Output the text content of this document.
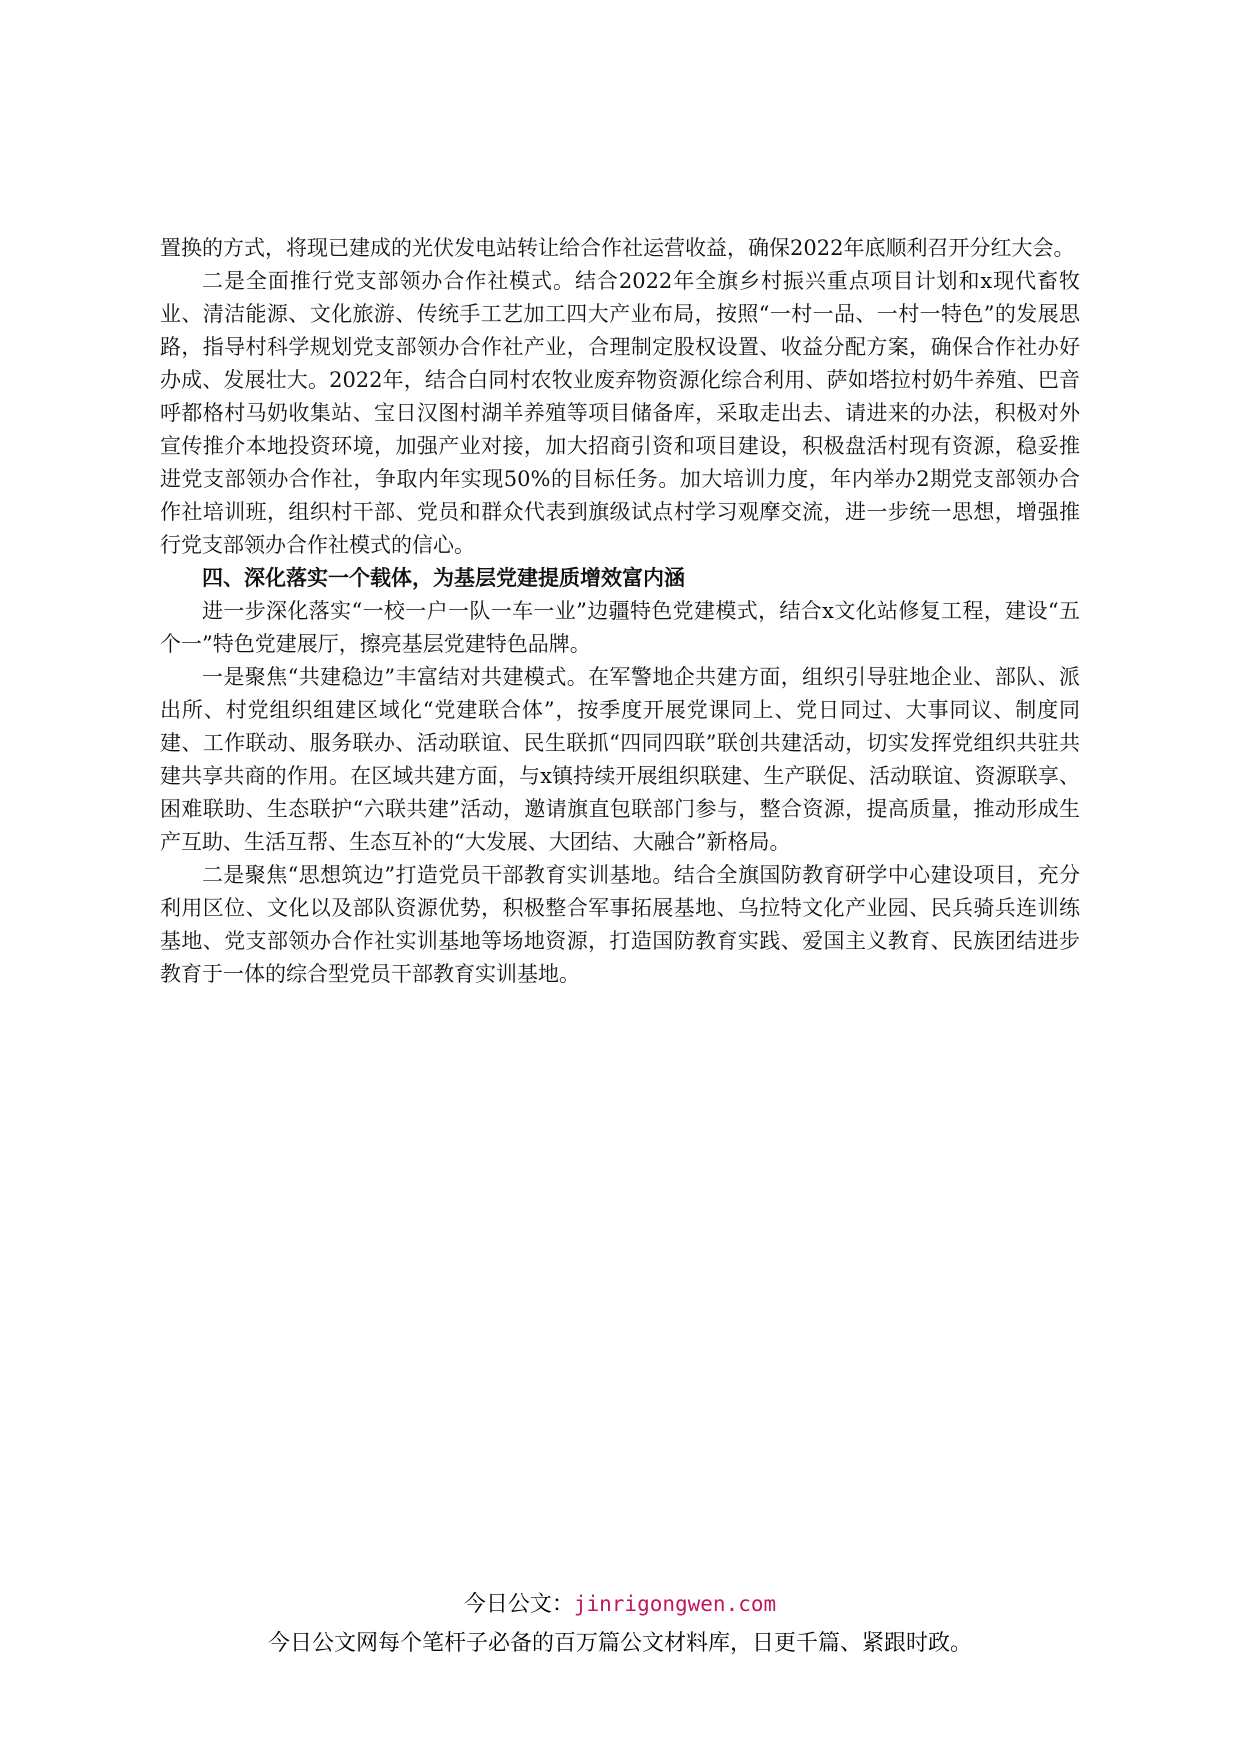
置换的方式，将现已建成的光伏发电站转让给合作社运营收益，确保2022年底顺利召开分红大会。

二是全面推行党支部领办合作社模式。结合2022年全旗乡村振兴重点项目计划和x现代畜牧业、清洁能源、文化旅游、传统手工艺加工四大产业布局，按照“一村一品、一村一特色”的发展思路，指导村科学规划党支部领办合作社产业，合理制定股权设置、收益分配方案，确保合作社办好办成、发展壮大。2022年，结合白同村农牧业废弃物资源化综合利用、萨如塔拉村奶牛养殖、巴音呼都格村马奶收集站、宝日汉图村湖羊养殖等项目储备库，采取走出去、请进来的办法，积极对外宣传推介本地投资环境，加强产业对接，加大招商引资和项目建设，积极盘活村现有资源，稳妥推进党支部领办合作社，争取内年实现50%的目标任务。加大培训力度，年内举办2期党支部领办合作社培训班，组织村干部、党员和群众代表到旗级试点村学习观摩交流，进一步统一思想，增强推行党支部领办合作社模式的信心。

四、深化落实一个载体，为基层党建提质增效富内涵

进一步深化落实“一校一户一队一车一业”边疆特色党建模式，结合x文化站修复工程，建设“五个一”特色党建展厅，擦亮基层党建特色品牌。

一是聚焦“共建稳边”丰富结对共建模式。在军警地企共建方面，组织引导驻地企业、部队、派出所、村党组织组建区域化“党建联合体”，按季度开展党课同上、党日同过、大事同议、制度同建、工作联动、服务联办、活动联谊、民生联抓“四同四联”联创共建活动，切实发挥党组织共驻共建共享共商的作用。在区域共建方面，与x镇持续开展组织联建、生产联促、活动联谊、资源联享、困难联助、生态联护“六联共建”活动，邀请旗直包联部门参与，整合资源，提高质量，推动形成生产互助、生活互帮、生态互补的“大发展、大团结、大融合”新格局。

二是聚焦“思想筑边”打造党员干部教育实训基地。结合全旗国防教育研学中心建设项目，充分利用区位、文化以及部队资源优势，积极整合军事拓展基地、乌拉特文化产业园、民兵骑兵连训练基地、党支部领办合作社实训基地等场地资源，打造国防教育实践、爱国主义教育、民族团结进步教育于一体的综合型党员干部教育实训基地。

今日公文：jinrigongwen.com
今日公文网每个笔杆子必备的百万篇公文材料库，日更千篇、紧跟时政。
